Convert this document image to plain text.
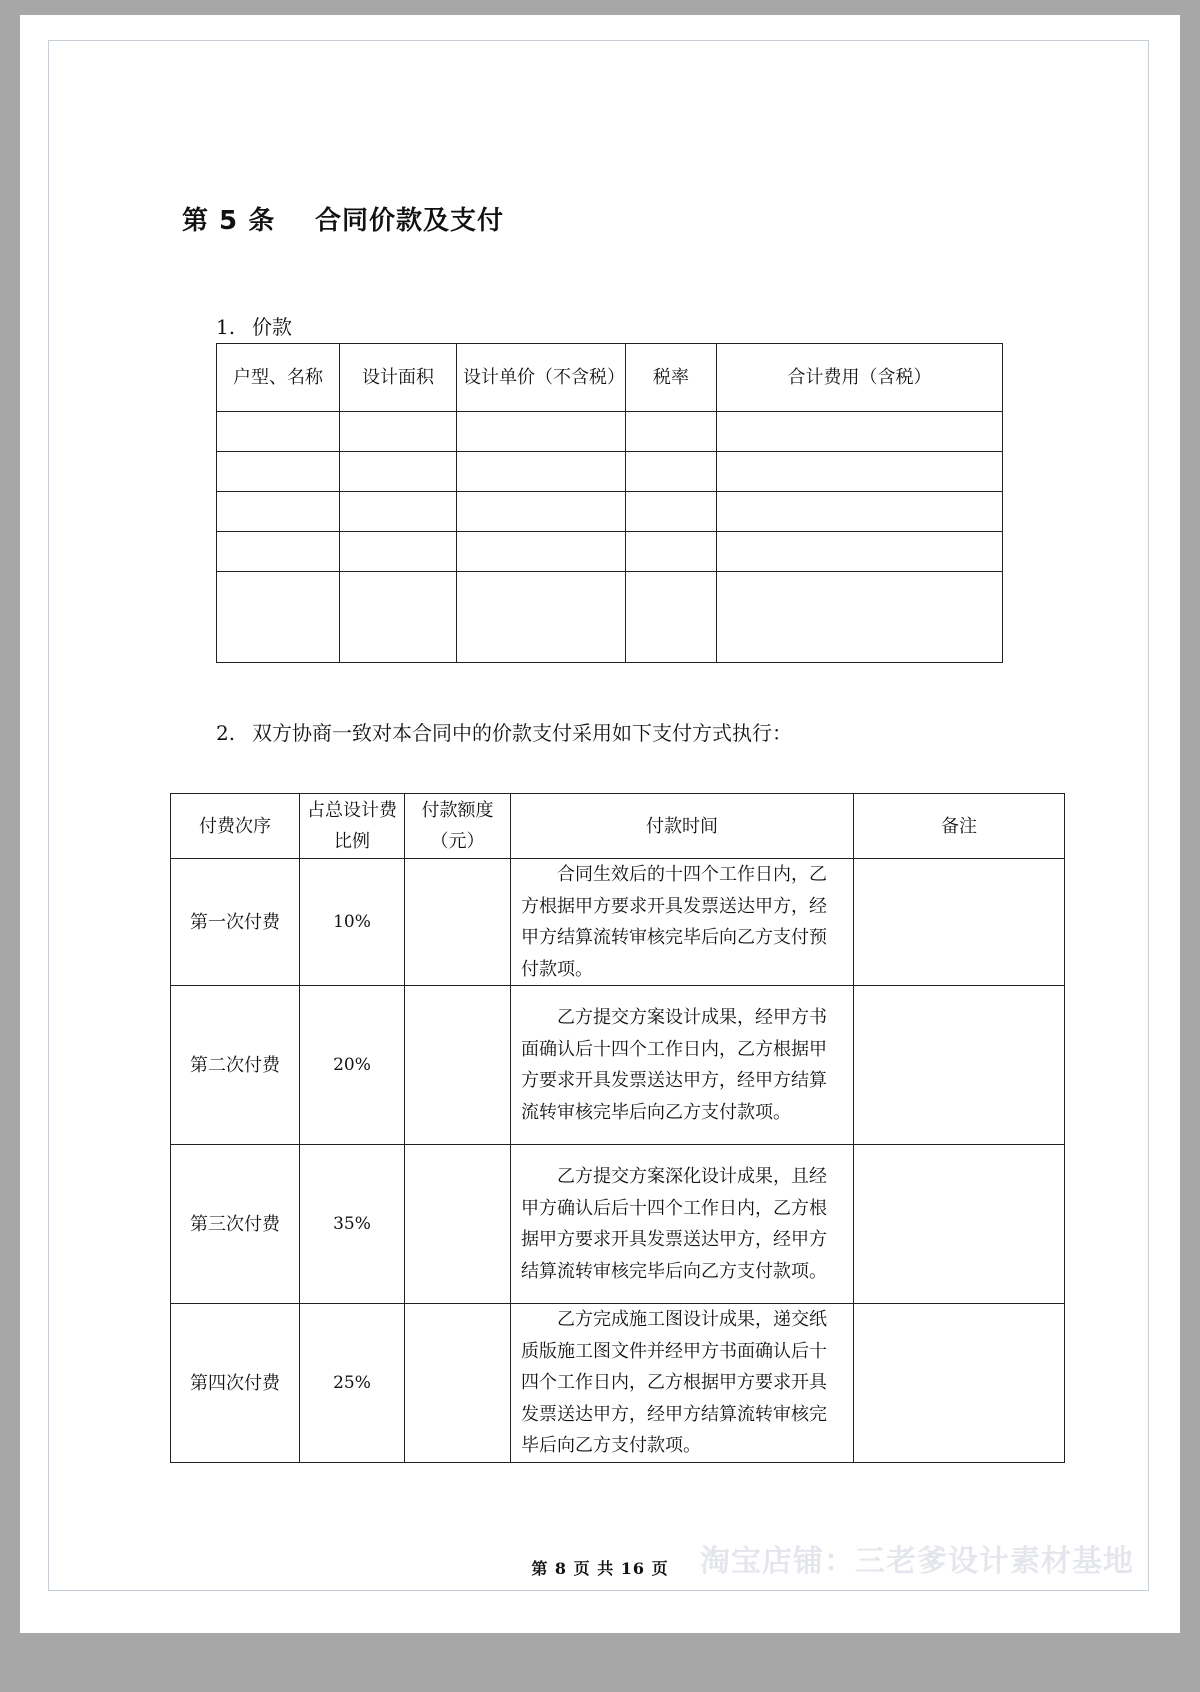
第 5 条 合同价款及支付
1. 价款
户型、名称	设计面积	设计单价（不含税）	税率	合计费用（含税）

2. 双方协商一致对本合同中的价款支付采用如下支付方式执行：
付费次序	占总设计费比例	付款额度（元）	付款时间	备注
第一次付费	10%		合同生效后的十四个工作日内，乙方根据甲方要求开具发票送达甲方，经甲方结算流转审核完毕后向乙方支付预付款项。	

第二次付费	20%		乙方提交方案设计成果，经甲方书面确认后十四个工作日内，乙方根据甲方要求开具发票送达甲方，经甲方结算流转审核完毕后向乙方支付款项。	

第三次付费	35%		乙方提交方案深化设计成果，且经甲方确认后后十四个工作日内，乙方根据甲方要求开具发票送达甲方，经甲方结算流转审核完毕后向乙方支付款项。	

第四次付费	25%		乙方完成施工图设计成果，递交纸质版施工图文件并经甲方书面确认后十四个工作日内，乙方根据甲方要求开具发票送达甲方，经甲方结算流转审核完毕后向乙方支付款项。	

第 8 页 共 16 页	淘宝店铺：三老爹设计素材基地
